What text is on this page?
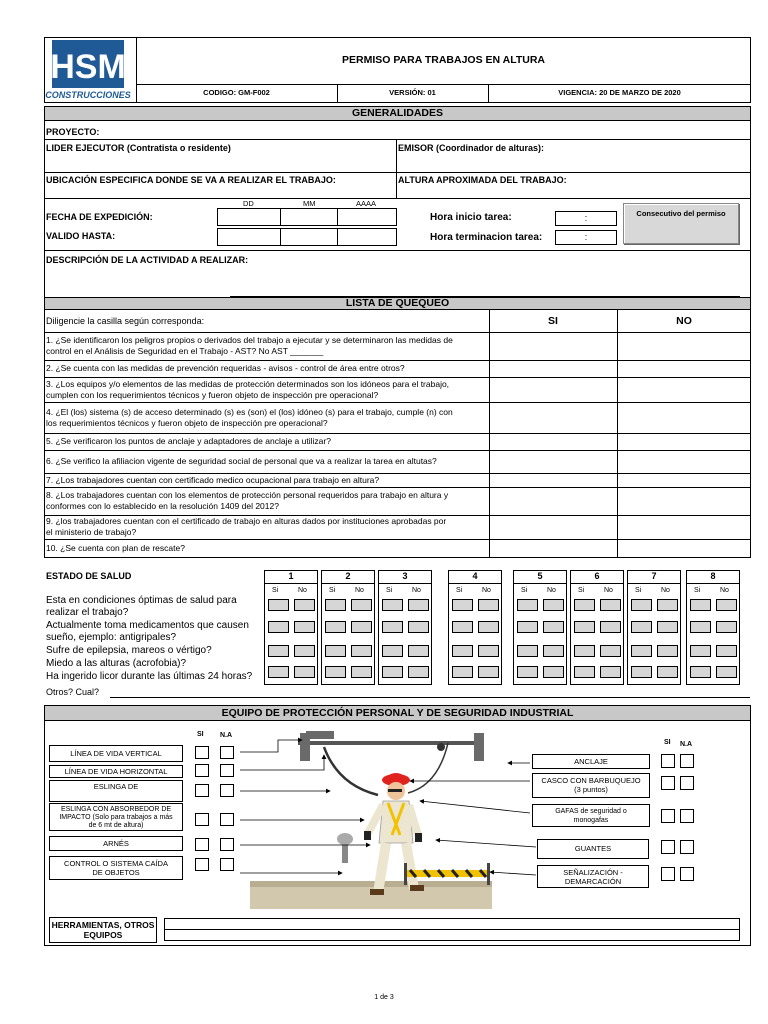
HSM
CONSTRUCCIONES
PERMISO PARA TRABAJOS EN ALTURA
CODIGO: GM-F002	VERSIÓN: 01	VIGENCIA: 20 DE MARZO DE 2020
GENERALIDADES
PROYECTO:
LIDER EJECUTOR (Contratista o residente)	EMISOR (Coordinador de alturas):
UBICACIÓN ESPECIFICA DONDE SE VA A REALIZAR EL TRABAJO:	ALTURA APROXIMADA DEL TRABAJO:
DD	MM	AAAA
FECHA DE EXPEDICIÓN:
VALIDO HASTA:
Hora inicio tarea:
Hora terminacion tarea:
:
:
Consecutivo del permiso
DESCRIPCIÓN DE LA ACTIVIDAD A REALIZAR:
LISTA DE QUEQUEO
Diligencie la casilla según corresponda:	SI	NO
1. ¿Se identificaron los peligros propios o derivados del trabajo a ejecutar y se determinaron las medidas de
control en el Análisis de Seguridad en el Trabajo - AST? No AST _______
2. ¿Se cuenta con las medidas de prevención requeridas - avisos - control de área entre otros?
3. ¿Los equipos y/o elementos de las medidas de protección determinados son los idóneos para el trabajo,
cumplen con los requerimientos técnicos y fueron objeto de inspección pre operacional?
4. ¿El (los) sistema (s) de acceso determinado (s) es (son) el (los) idóneo (s) para el trabajo, cumple (n) con
los requerimientos técnicos y fueron objeto de inspección pre operacional?
5. ¿Se verificaron los puntos de anclaje y adaptadores de anclaje a utilizar?
6. ¿Se verifico la afiliacion vigente de seguridad social de personal que va a realizar la tarea en altutas?
7. ¿Los trabajadores cuentan con certificado medico ocupacional para trabajo en altura?
8. ¿Los trabajadores cuentan con los elementos de protección personal requeridos para trabajo en altura y
conformes con lo establecido en la resolución 1409 del 2012?
9. ¿los trabajadores cuentan con el certificado de trabajo en alturas dados por instituciones aprobadas por
el ministerio de trabajo?
10. ¿Se cuenta con plan de rescate?
ESTADO DE SALUD
Esta en condiciones óptimas de salud para
realizar el trabajo?
Actualmente toma medicamentos que causen
sueño, ejemplo: antigripales?
Sufre de epilepsia, mareos o vértigo?
Miedo a las alturas (acrofobia)?
Ha ingerido licor durante las últimas 24 horas?
Otros? Cual?
1
Si	No
2
Si	No
3
Si	No
4
Si	No
5
Si	No
6
Si	No
7
Si	No
8
Si	No
EQUIPO DE PROTECCIÓN PERSONAL Y DE SEGURIDAD INDUSTRIAL
SI N.A
SI N.A
LÍNEA DE VIDA VERTICAL
LÍNEA DE VIDA HORIZONTAL
ESLINGA DE
ESLINGA CON ABSORBEDOR DE
IMPACTO (Solo para trabajos a más
de 6 mt de altura)
ARNÉS
CONTROL O SISTEMA CAÍDA
DE OBJETOS
ANCLAJE
CASCO CON BARBUQUEJO
(3 puntos)
GAFAS de seguridad o
monogafas
GUANTES
SEÑALIZACIÓN -
DEMARCACIÓN
HERRAMIENTAS, OTROS
EQUIPOS
1 de 3
